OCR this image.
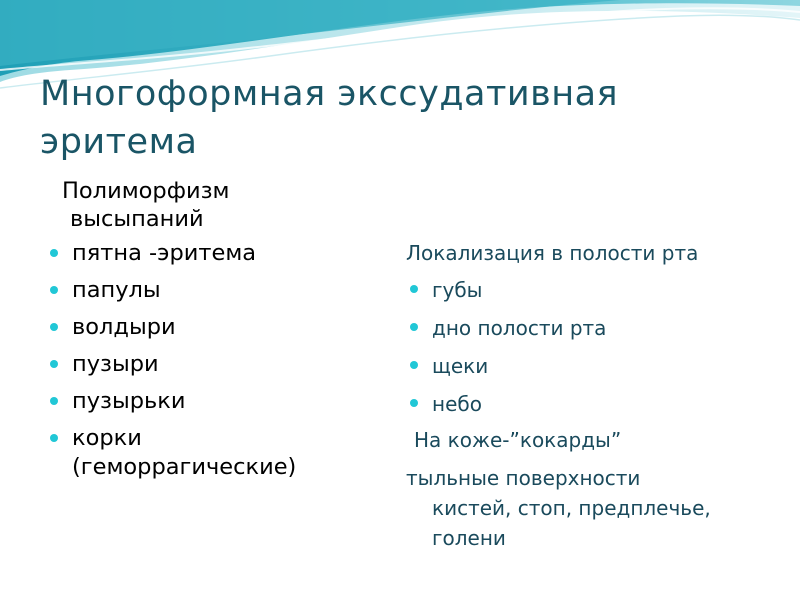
Многоформная экссудативная
эритема
Полиморфизм
высыпаний
пятна -эритема
папулы
волдыри
пузыри
пузырьки
корки
(геморрагические)
Локализация в полости рта
губы
дно полости рта
щеки
небо
На коже-”кокарды”
тыльные поверхности
кистей, стоп, предплечье,
голени
